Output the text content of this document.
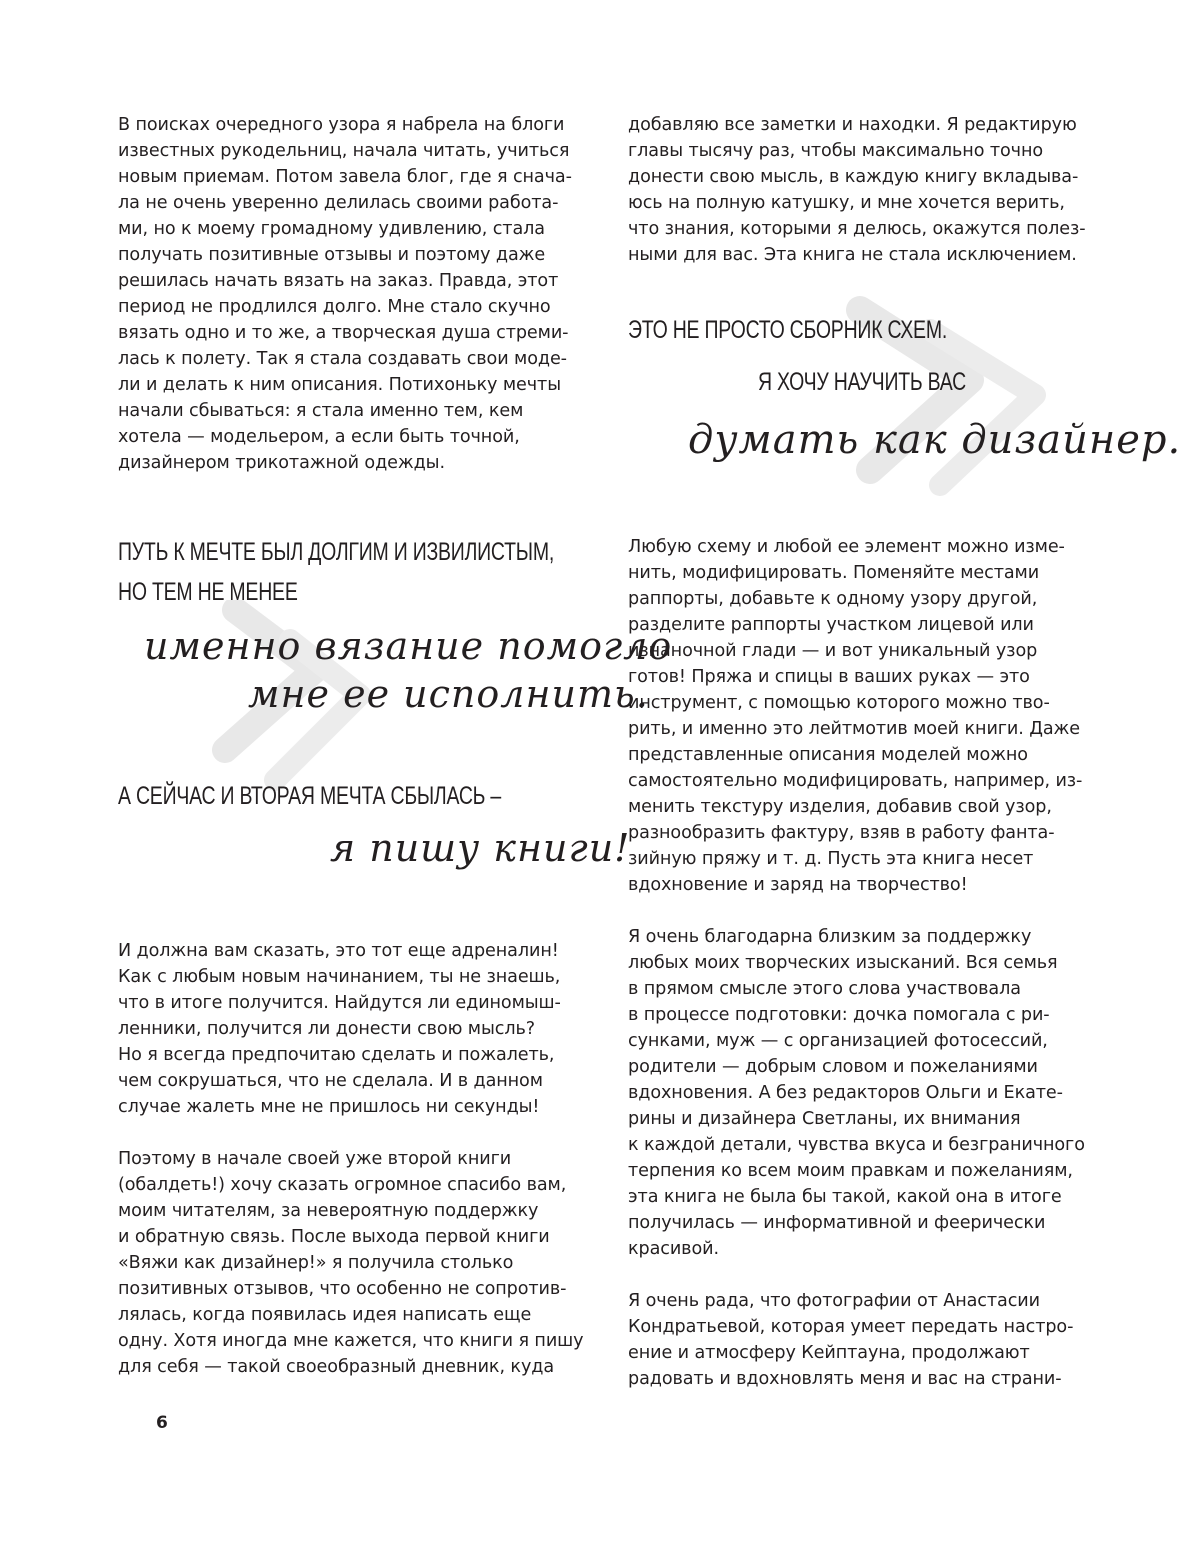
В поисках очередного узора я набрела на блоги
известных рукодельниц, начала читать, учиться
новым приемам. Потом завела блог, где я снача-
ла не очень уверенно делилась своими работа-
ми, но к моему громадному удивлению, стала
получать позитивные отзывы и поэтому даже
решилась начать вязать на заказ. Правда, этот
период не продлился долго. Мне стало скучно
вязать одно и то же, а творческая душа стреми-
лась к полету. Так я стала создавать свои моде-
ли и делать к ним описания. Потихоньку мечты
начали сбываться: я стала именно тем, кем
хотела — модельером, а если быть точной,
дизайнером трикотажной одежды.

ПУТЬ К МЕЧТЕ БЫЛ ДОЛГИМ И ИЗВИЛИСТЫМ,

НО ТЕМ НЕ МЕНЕЕ

именно вязание помогло

мне ее исполнить.

А СЕЙЧАС И ВТОРАЯ МЕЧТА СБЫЛАСЬ –

я пишу книги!

И должна вам сказать, это тот еще адреналин!
Как с любым новым начинанием, ты не знаешь,
что в итоге получится. Найдутся ли единомыш-
ленники, получится ли донести свою мысль?
Но я всегда предпочитаю сделать и пожалеть,
чем сокрушаться, что не сделала. И в данном
случае жалеть мне не пришлось ни секунды!

Поэтому в начале своей уже второй книги
(обалдеть!) хочу сказать огромное спасибо вам,
моим читателям, за невероятную поддержку
и обратную связь. После выхода первой книги
«Вяжи как дизайнер!» я получила столько
позитивных отзывов, что особенно не сопротив-
лялась, когда появилась идея написать еще
одну. Хотя иногда мне кажется, что книги я пишу
для себя — такой своеобразный дневник, куда

добавляю все заметки и находки. Я редактирую
главы тысячу раз, чтобы максимально точно
донести свою мысль, в каждую книгу вкладыва-
юсь на полную катушку, и мне хочется верить,
что знания, которыми я делюсь, окажутся полез-
ными для вас. Эта книга не стала исключением.

ЭТО НЕ ПРОСТО СБОРНИК СХЕМ.

Я ХОЧУ НАУЧИТЬ ВАС

думать как дизайнер.

Любую схему и любой ее элемент можно изме-
нить, модифицировать. Поменяйте местами
раппорты, добавьте к одному узору другой,
разделите раппорты участком лицевой или
изнаночной глади — и вот уникальный узор
готов! Пряжа и спицы в ваших руках — это
инструмент, с помощью которого можно тво-
рить, и именно это лейтмотив моей книги. Даже
представленные описания моделей можно
самостоятельно модифицировать, например, из-
менить текстуру изделия, добавив свой узор,
разнообразить фактуру, взяв в работу фанта-
зийную пряжу и т. д. Пусть эта книга несет
вдохновение и заряд на творчество!

Я очень благодарна близким за поддержку
любых моих творческих изысканий. Вся семья
в прямом смысле этого слова участвовала
в процессе подготовки: дочка помогала с ри-
сунками, муж — с организацией фотосессий,
родители — добрым словом и пожеланиями
вдохновения. А без редакторов Ольги и Екате-
рины и дизайнера Светланы, их внимания
к каждой детали, чувства вкуса и безграничного
терпения ко всем моим правкам и пожеланиям,
эта книга не была бы такой, какой она в итоге
получилась — информативной и феерически
красивой.

Я очень рада, что фотографии от Анастасии
Кондратьевой, которая умеет передать настро-
ение и атмосферу Кейптауна, продолжают
радовать и вдохновлять меня и вас на страни-

6
